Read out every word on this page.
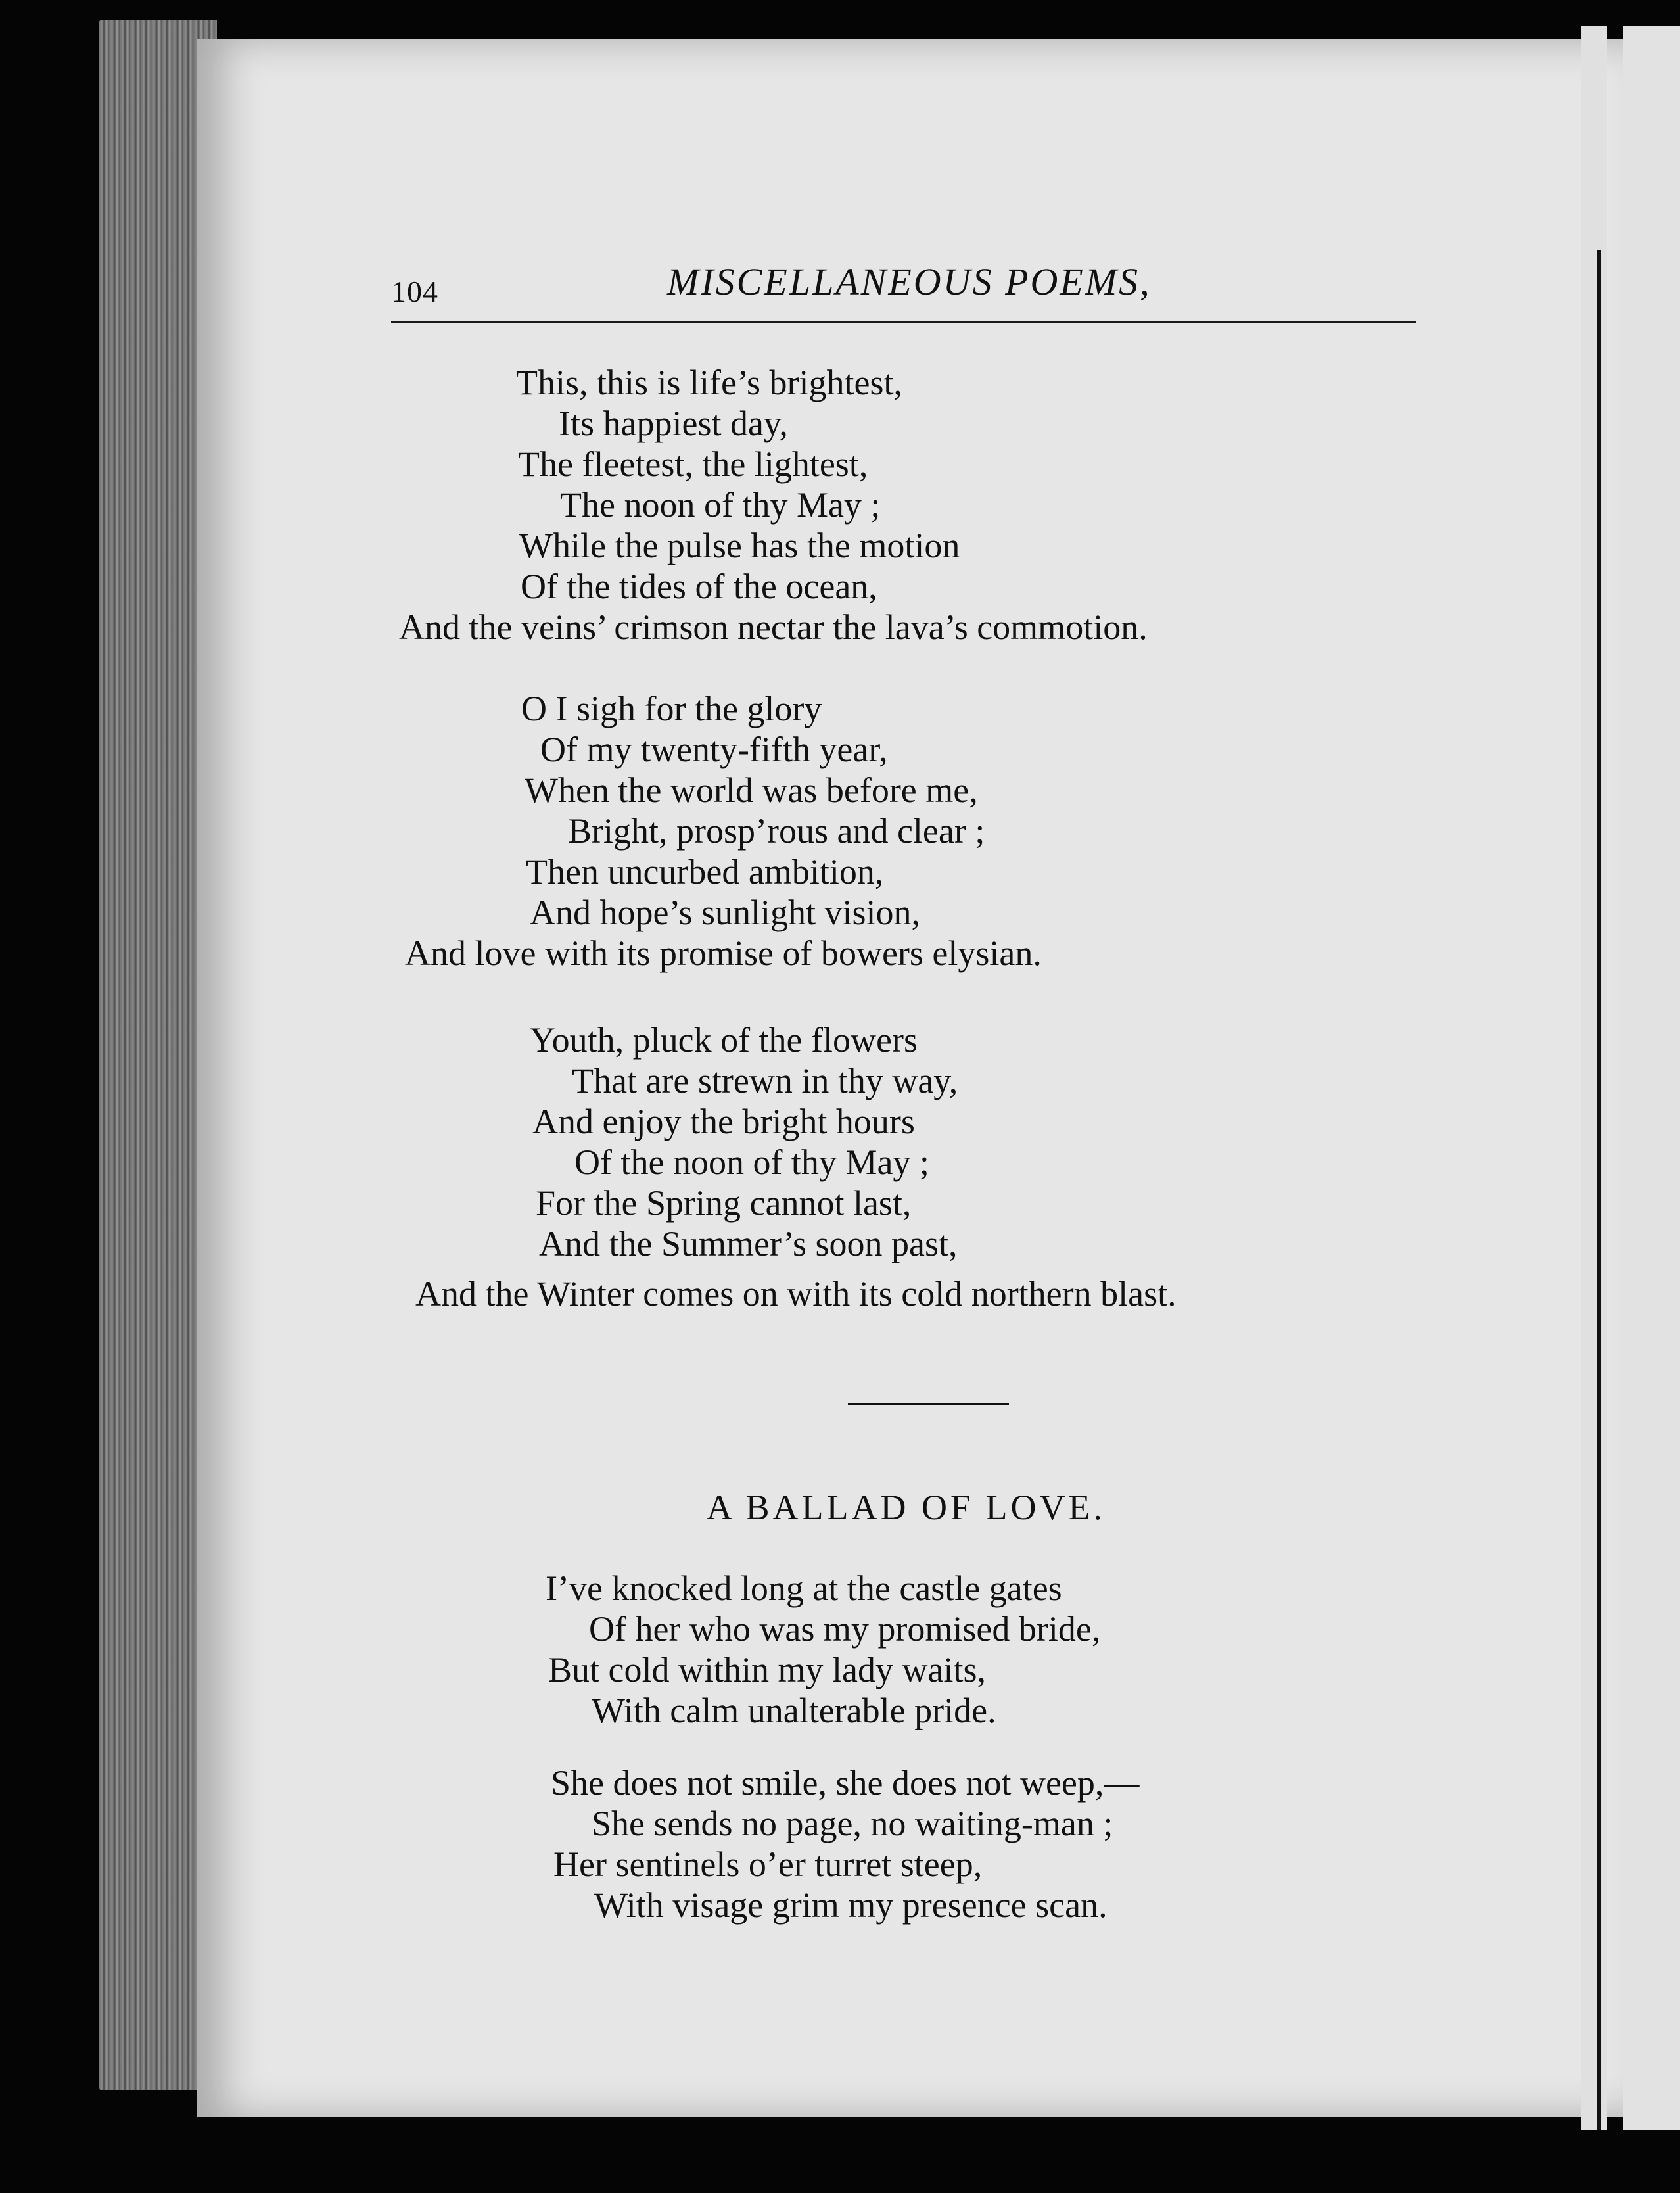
104	MISCELLANEOUS POEMS,
This, this is life’s brightest,
Its happiest day,
The fleetest, the lightest,
The noon of thy May ;
While the pulse has the motion
Of the tides of the ocean,
And the veins’ crimson nectar the lava’s commotion.
O I sigh for the glory
Of my twenty-fifth year,
When the world was before me,
Bright, prosp’rous and clear ;
Then uncurbed ambition,
And hope’s sunlight vision,
And love with its promise of bowers elysian.
Youth, pluck of the flowers
That are strewn in thy way,
And enjoy the bright hours
Of the noon of thy May ;
For the Spring cannot last,
And the Summer’s soon past,
And the Winter comes on with its cold northern blast.
A BALLAD OF LOVE.
I’ve knocked long at the castle gates
Of her who was my promised bride,
But cold within my lady waits,
With calm unalterable pride.
She does not smile, she does not weep,—
She sends no page, no waiting-man ;
Her sentinels o’er turret steep,
With visage grim my presence scan.
